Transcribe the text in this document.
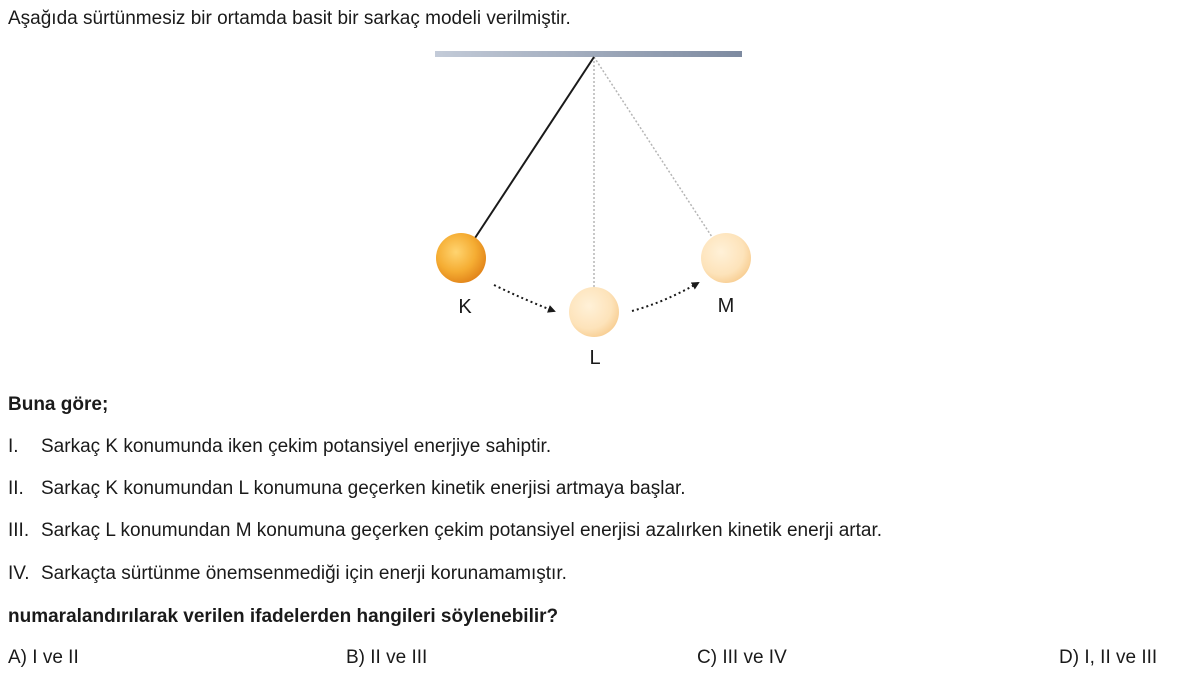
Aşağıda sürtünmesiz bir ortamda basit bir sarkaç modeli verilmiştir.
K
L
M
Buna göre;
I. Sarkaç K konumunda iken çekim potansiyel enerjiye sahiptir.
II. Sarkaç K konumundan L konumuna geçerken kinetik enerjisi artmaya başlar.
III. Sarkaç L konumundan M konumuna geçerken çekim potansiyel enerjisi azalırken kinetik enerji artar.
IV. Sarkaçta sürtünme önemsenmediği için enerji korunamamıştır.
numaralandırılarak verilen ifadelerden hangileri söylenebilir?
A) I ve II	B) II ve III	C) III ve IV	D) I, II ve III
